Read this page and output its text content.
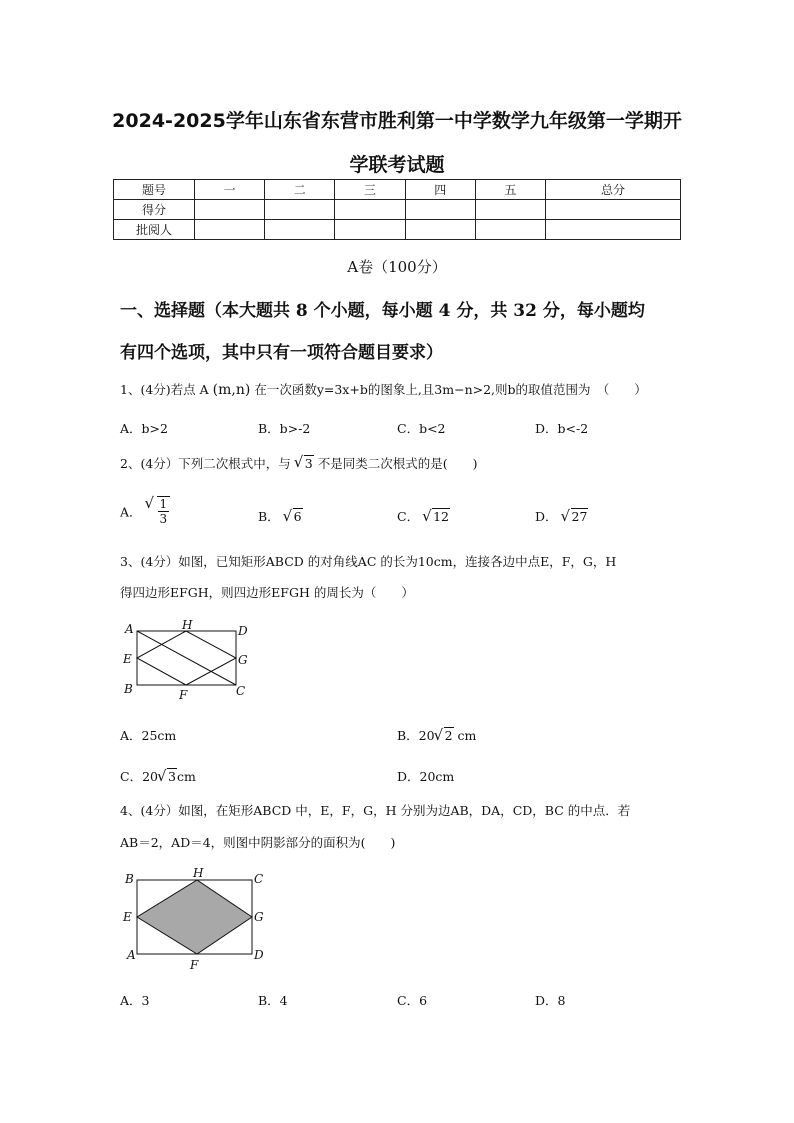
2024-2025学年山东省东营市胜利第一中学数学九年级第一学期开
学联考试题
题号	一	二	三	四	五	总分
得分						
批阅人						
A卷（100分）
一、选择题（本大题共 8 个小题，每小题 4 分，共 32 分，每小题均
有四个选项，其中只有一项符合题目要求）
1、(4分)若点 A (m,n) 在一次函数y=3x+b的图象上,且3m−n>2,则b的取值范围为　（　　）
A．b>2	B．b>-2	C．b<2	D．b<-2
2、(4分）下列二次根式中，与 √ 3 不是同类二次根式的是(　　)
A． √ $\frac{1}{3}$	B． √ 6	C． √ 12	D． √ 27
3、(4分）如图，已知矩形ABCD 的对角线AC 的长为10cm，连接各边中点E，F，G，H
得四边形EFGH，则四边形EFGH 的周长为（　　）
A	H	D
E	G
B	F	C
A．25cm	B．20 √ 2 cm
C．20 √ 3cm	D．20cm
4、(4分）如图，在矩形ABCD 中，E，F，G，H 分别为边AB，DA，CD，BC 的中点．若
AB＝2，AD＝4，则图中阴影部分的面积为(　　)
B	H	C
E	G
A
F
D
A．3	B．4	C．6	D．8
